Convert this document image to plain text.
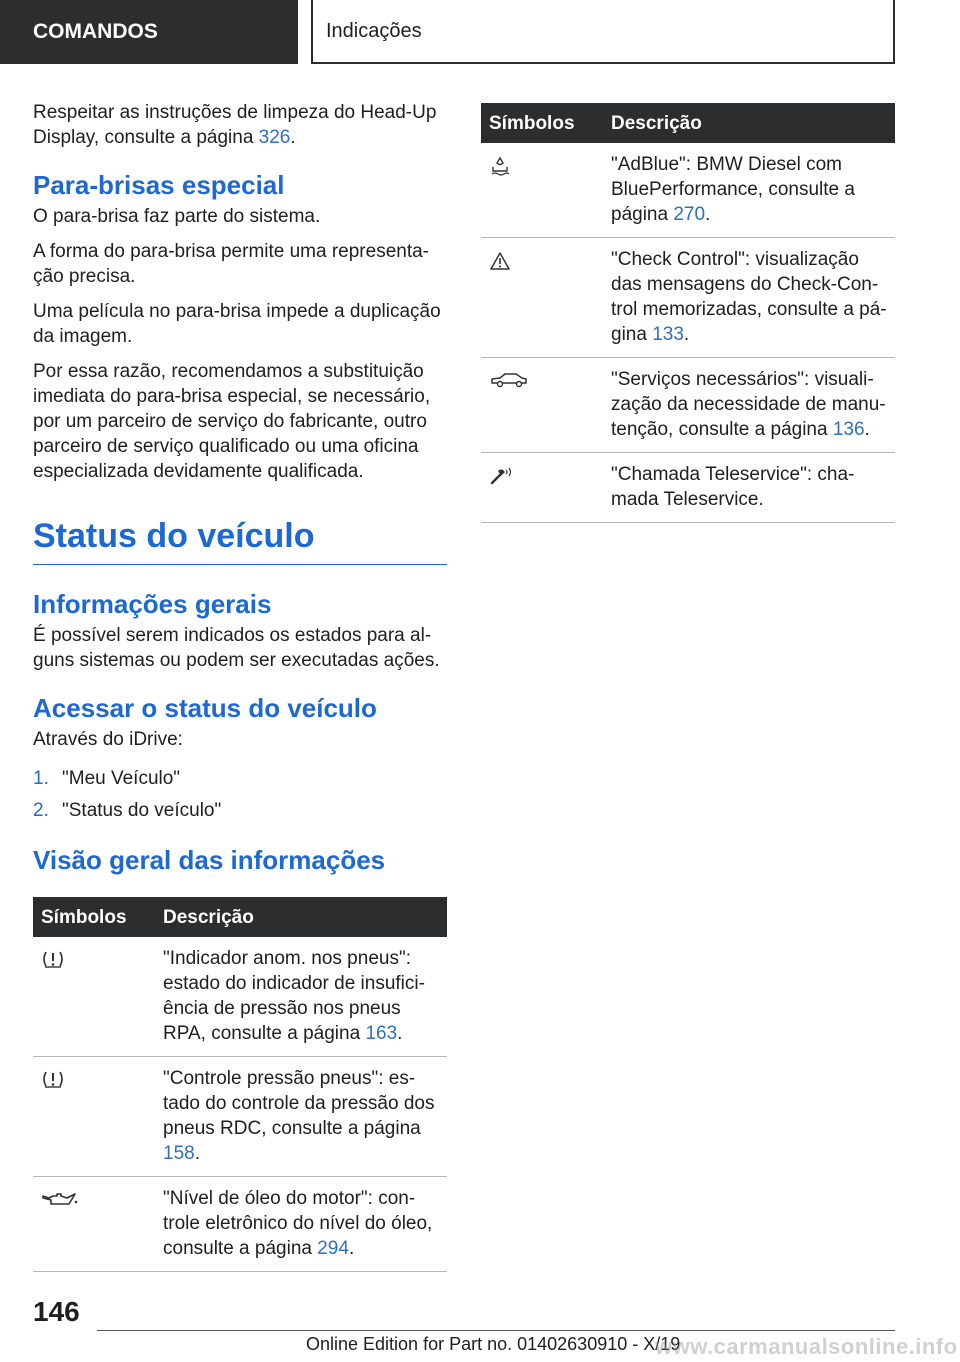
COMANDOS	Indicações

Respeitar as instruções de limpeza do Head-Up Display, consulte a página 326.

Para-brisas especial

O para-brisa faz parte do sistema.

A forma do para-brisa permite uma representa-ção precisa.

Uma película no para-brisa impede a duplicação da imagem.

Por essa razão, recomendamos a substituição imediata do para-brisa especial, se necessário, por um parceiro de serviço do fabricante, outro parceiro de serviço qualificado ou uma oficina especializada devidamente qualificada.

Status do veículo
Informações gerais

É possível serem indicados os estados para al-guns sistemas ou podem ser executadas ações.

Acessar o status do veículo

Através do iDrive:

1. "Meu Veículo"
2. "Status do veículo"
Visão geral das informações
Símbolos	Descrição

	"Indicador anom. nos pneus": estado do indicador de insufici-ência de pressão nos pneus RPA, consulte a página 163.

	"Controle pressão pneus": es-tado do controle da pressão dos pneus RDC, consulte a página 158.

	"Nível de óleo do motor": con-trole eletrônico do nível do óleo, consulte a página 294.
Símbolos	Descrição

	"AdBlue": BMW Diesel com BluePerformance, consulte a página 270.

	"Check Control": visualização das mensagens do Check-Con-trol memorizadas, consulte a pá-gina 133.

	"Serviços necessários": visuali-zação da necessidade de manu-tenção, consulte a página 136.

	"Chamada Teleservice": cha-mada Teleservice.
146
Online Edition for Part no. 01402630910 - X/19
www.carmanualsonline.info
